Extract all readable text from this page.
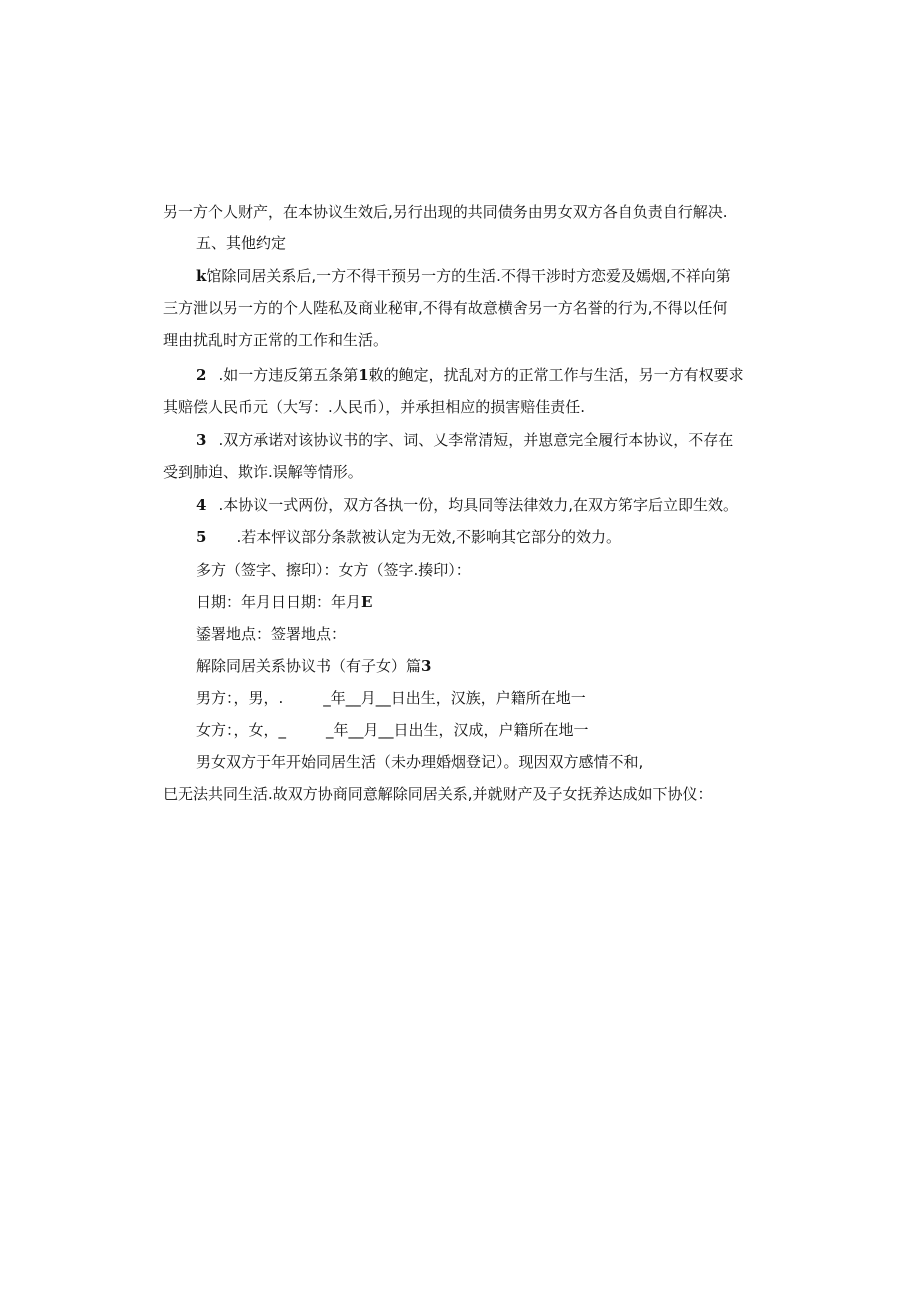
另一方个人财产，在本协议生效后,另行出现的共同债务由男女双方各自负责自行解决.
五、其他约定
k馆除同居关系后,一方不得干预另一方的生活.不得干涉时方恋爱及嫣烟,不祥向第
三方泄以另一方的个人陛私及商业秘审,不得有故意横舍另一方名誉的行为,不得以任何
理由扰乱时方正常的工作和生活。
2 .如一方违反第五条第1敕的鲍定，扰乱对方的正常工作与生活，另一方有权要求
其赔偿人民币元（大写：.人民币），并承担相应的损害赔佳责任.
3 .双方承诺对该协议书的字、词、乂李常清短，并崽意完全履行本协议，不存在
受到肺迫、欺诈.误解等情形。
4 .本协议一式两份，双方各执一份，均具同等法律效力,在双方笫字后立即生效。
5 .若本怦议部分条款被认定为无效,不影响其它部分的效力。
多方（签字、擦印）：女方（签字.揍印）：
日期：年月日日期：年月E
鋈署地点：签署地点：
解除同居关系协议书（有子女）篇3
男方：，男，.	_年__月__日出生，汉族，户籍所在地一
女方：，女，_	_年__月__日出生，汉成，户籍所在地一
男女双方于年开始同居生活（未办理婚烟登记）。现因双方感情不和,
巳无法共同生活.故双方协商同意解除同居关系,并就财产及子女抚养达成如下协仪：
